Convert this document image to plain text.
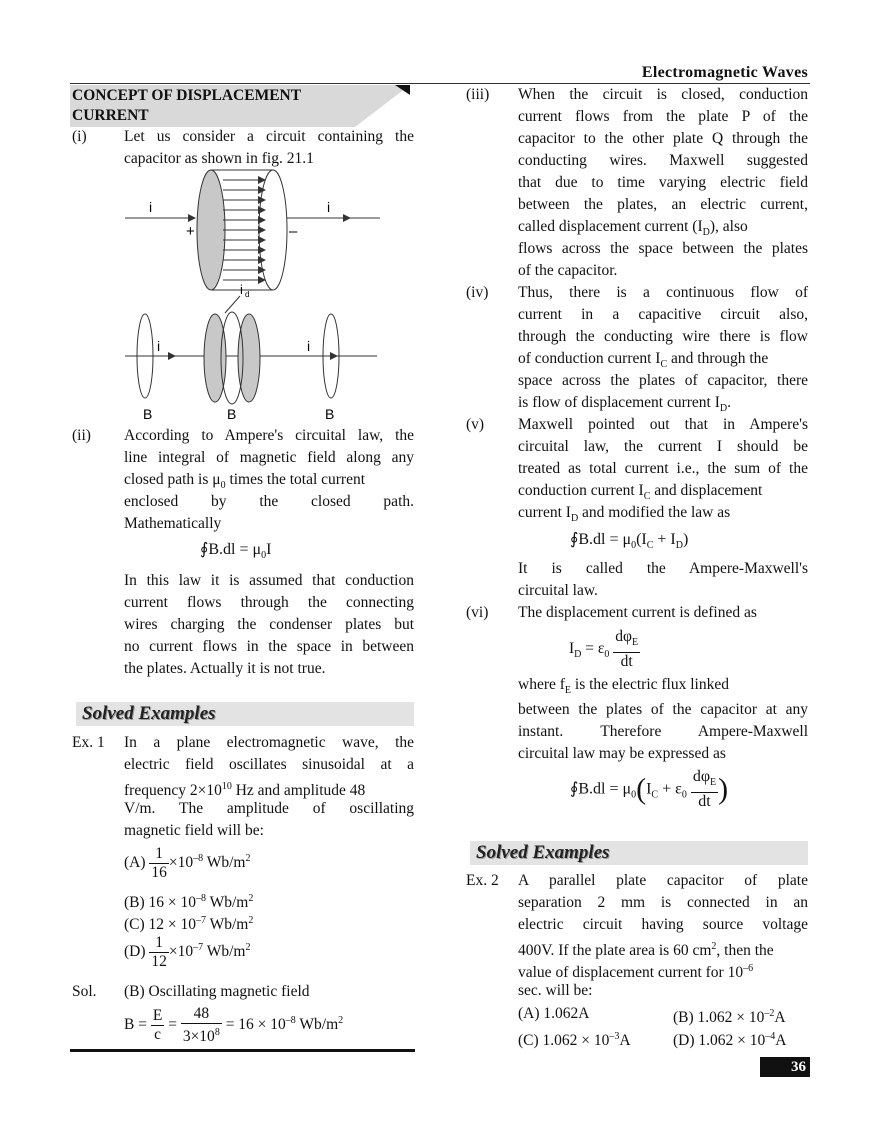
Electromagnetic Waves
CONCEPT OF DISPLACEMENT
CURRENT
(i) Let us consider a circuit containing the
capacitor as shown in fig. 21.1
i	i
+	–
i d
i	i
B	B	B
(ii) According to Ampere's circuital law, the
line integral of magnetic field along any
closed path is $\mu_0$ times the total current
enclosed by the closed path.
Mathematically
∮B.dl = $\mu_0I$
In this law it is assumed that conduction
current flows through the connecting
wires charging the condenser plates but
no current flows in the space in between
the plates. Actually it is not true.
Solved Examples
Ex. 1 In a plane electromagnetic wave, the
electric field oscillates sinusoidal at a
frequency $2\times 10^{10}$ Hz and amplitude 48
V/m. The amplitude of oscillating
magnetic field will be:
$(A) \frac{1}{16} \times 10^{-8}$ $Wb/m^2$
(B) $16 \times 10^{-8}$ $Wb/m^2$
(C) $12 \times 10^{-7}$ $Wb/m^2$
$(D) \frac{1}{12} \times 10^{-7}$ $Wb/m^2$
Sol. (B) Oscillating magnetic field
$B = \frac{E}{c} = \frac{48}{3\times 10^8} = 16 \times 10^{-8}$ $Wb/m^2$
(iii) When the circuit is closed, conduction
current flows from the plate P of the
capacitor to the other plate Q through the
conducting wires. Maxwell suggested
that due to time varying electric field
between the plates, an electric current,
called displacement current $(I_D)$, also
flows across the space between the plates
of the capacitor.
(iv) Thus, there is a continuous flow of
current in a capacitive circuit also,
through the conducting wire there is flow
of conduction current $I_C$ and through the
space across the plates of capacitor, there
is flow of displacement current $I_D$.
(v) Maxwell pointed out that in Ampere's
circuital law, the current I should be
treated as total current i.e., the sum of the
conduction current $I_C$ and displacement
current $I_D$ and modified the law as
∮B.dl = $\mu_0(I_C + I_D)$
It is called the Ampere-Maxwell's
circuital law.
(vi) The displacement current is defined as
$I_D = \varepsilon_0 \frac{d\varphi_E}{dt}$
where $f_E$ is the electric flux linked
between the plates of the capacitor at any
instant. Therefore Ampere-Maxwell
circuital law may be expressed as
∮B.dl = $\mu_0(I_C + \varepsilon_0 \frac{d\varphi_E}{dt}$ )
Solved Examples
Ex. 2 A parallel plate capacitor of plate
separation 2 mm is connected in an
electric circuit having source voltage
400V. If the plate area is 60 $cm^2$, then the
value of displacement current for $10^{-6}$
sec. will be:
(A) 1.062A	(B) $1.062 \times 10^{-2}A$
(C) $1.062 \times 10^{-3}A$	(D) $1.062 \times 10^{-4}A$
36
